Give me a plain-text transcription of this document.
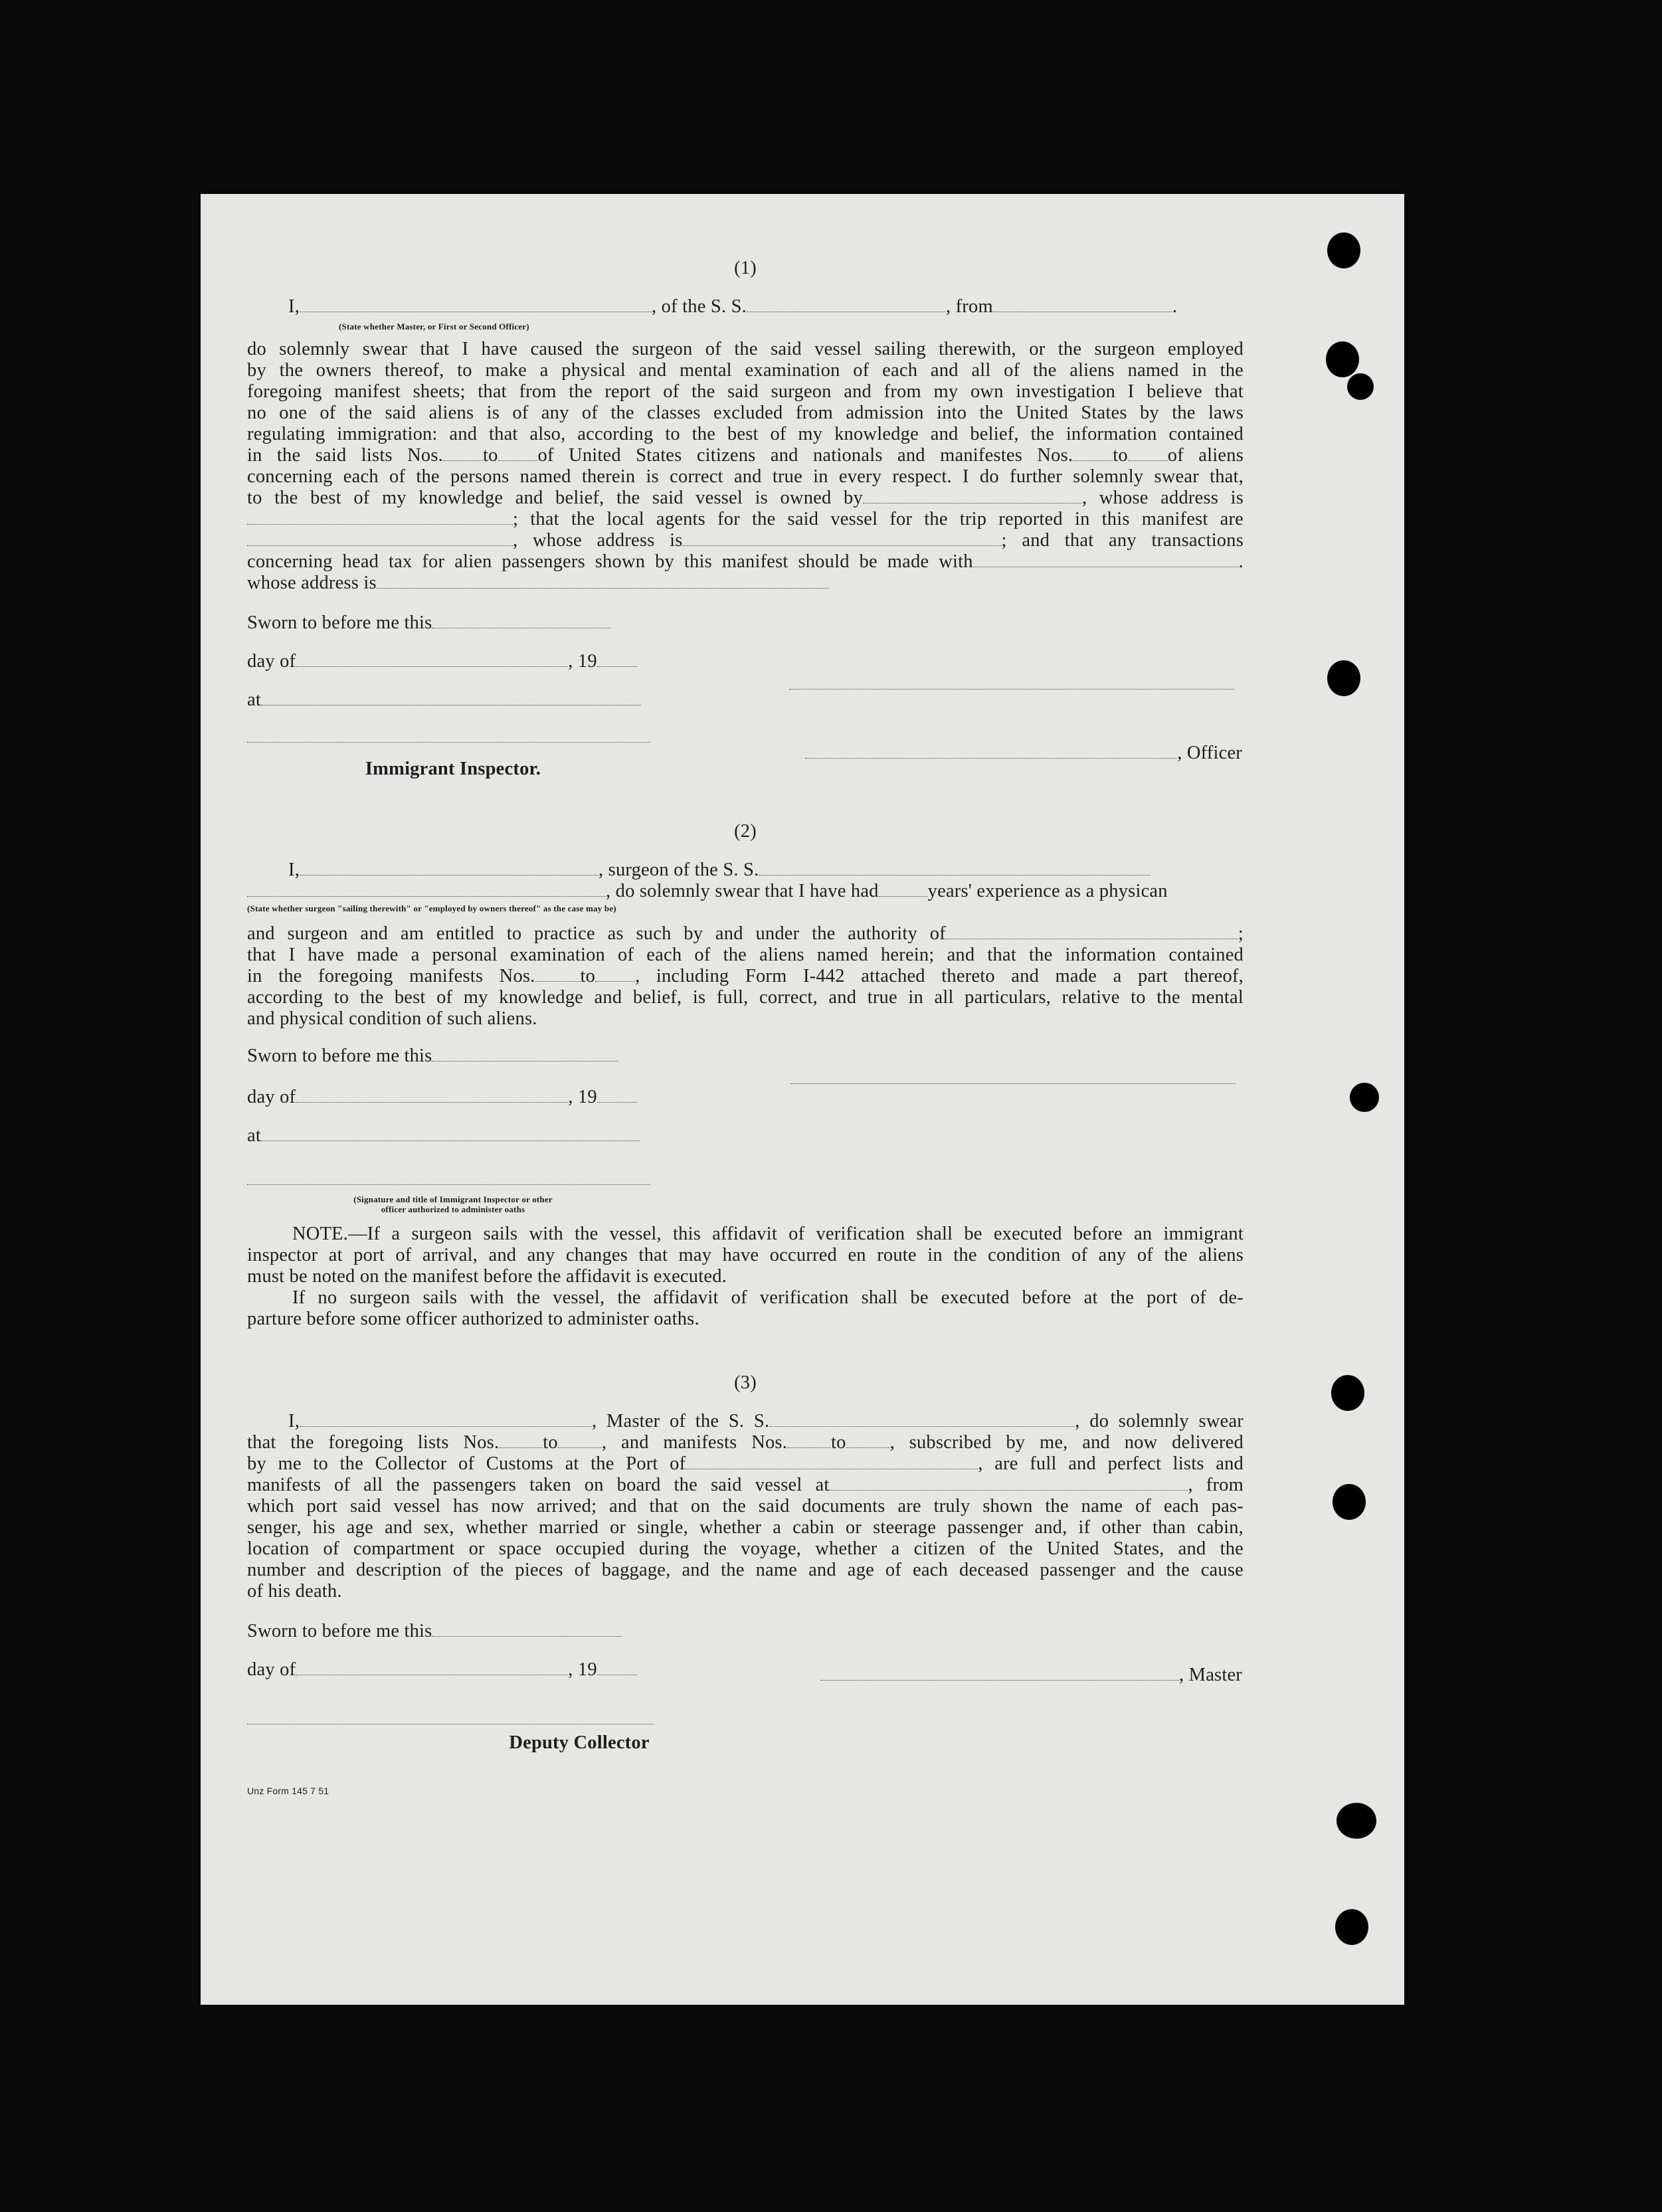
(1)
I,	, of the S. S.	, from	.
(State whether Master, or First or Second Officer)

do solemnly swear that I have caused the surgeon of the said vessel sailing therewith, or the surgeon employed

by the owners thereof, to make a physical and mental examination of each and all of the aliens named in the

foregoing manifest sheets; that from the report of the said surgeon and from my own investigation I believe that

no one of the said aliens is of any of the classes excluded from admission into the United States by the laws

regulating immigration: and that also, according to the best of my knowledge and belief, the information contained

in the said lists Nos. to of United States citizens and nationals and manifestes Nos. to of aliens

concerning each of the persons named therein is correct and true in every respect. I do further solemnly swear that,

to the best of my knowledge and belief, the said vessel is owned by	, whose address is

; that the local agents for the said vessel for the trip reported in this manifest are

, whose address is	; and that any transactions

concerning head tax for alien passengers shown by this manifest should be made with	.

whose address is

Sworn to before me this
day of	, 19
at
, Officer
Immigrant Inspector.
(2)
I,	, surgeon of the S. S.
, do solemnly swear that I have had	years' experience as a physican
(State whether surgeon "sailing therewith" or "employed by owners thereof" as the case may be)

and surgeon and am entitled to practice as such by and under the authority of	;

that I have made a personal examination of each of the aliens named herein; and that the information contained

in the foregoing manifests Nos. to , including Form I-442 attached thereto and made a part thereof,

according to the best of my knowledge and belief, is full, correct, and true in all particulars, relative to the mental

and physical condition of such aliens.

Sworn to before me this
day of	, 19
at
(Signature and title of Immigrant Inspector or other
officer authorized to administer oaths

NOTE.—If a surgeon sails with the vessel, this affidavit of verification shall be executed before an immigrant

inspector at port of arrival, and any changes that may have occurred en route in the condition of any of the aliens

must be noted on the manifest before the affidavit is executed.

If no surgeon sails with the vessel, the affidavit of verification shall be executed before at the port of de-

parture before some officer authorized to administer oaths.

(3)

I,	, Master of the S. S.	, do solemnly swear

that the foregoing lists Nos. to , and manifests Nos. to , subscribed by me, and now delivered

by me to the Collector of Customs at the Port of	, are full and perfect lists and

manifests of all the passengers taken on board the said vessel at	, from

which port said vessel has now arrived; and that on the said documents are truly shown the name of each pas-

senger, his age and sex, whether married or single, whether a cabin or steerage passenger and, if other than cabin,

location of compartment or space occupied during the voyage, whether a citizen of the United States, and the

number and description of the pieces of baggage, and the name and age of each deceased passenger and the cause

of his death.

Sworn to before me this
day of	, 19	, Master
Deputy Collector
Unz Form 145 7 51
